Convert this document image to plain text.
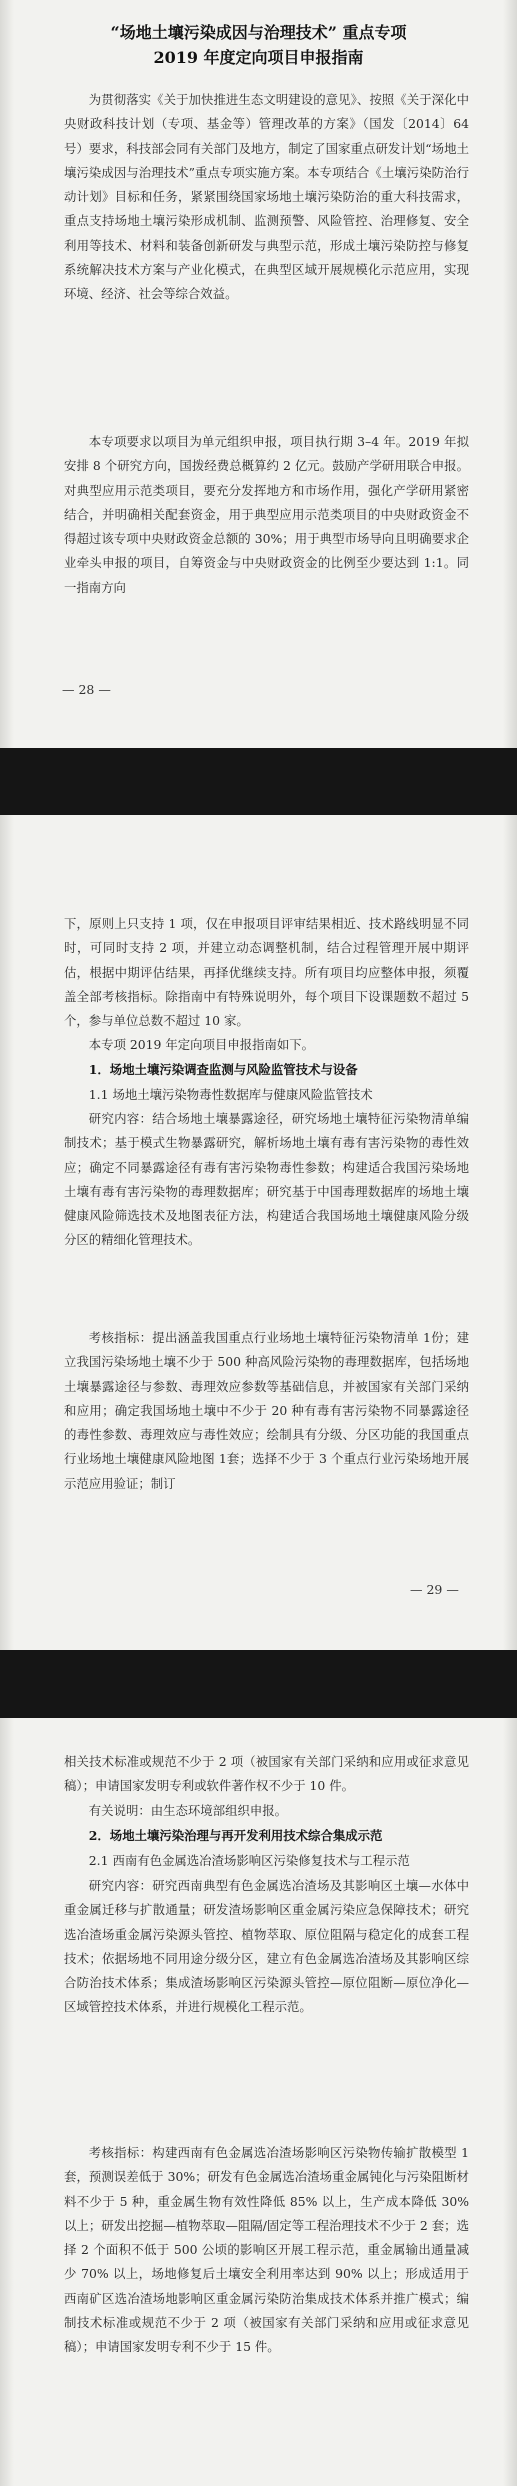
“场地土壤污染成因与治理技术” 重点专项
2019 年度定向项目申报指南
为贯彻落实《关于加快推进生态文明建设的意见》、按照《关于深化中央财政科技计划（专项、基金等）管理改革的方案》（国发〔2014〕64号）要求，科技部会同有关部门及地方，制定了国家重点研发计划“场地土壤污染成因与治理技术”重点专项实施方案。本专项结合《土壤污染防治行动计划》目标和任务，紧紧围绕国家场地土壤污染防治的重大科技需求，重点支持场地土壤污染形成机制、监测预警、风险管控、治理修复、安全利用等技术、材料和装备创新研发与典型示范，形成土壤污染防控与修复系统解决技术方案与产业化模式，在典型区域开展规模化示范应用，实现环境、经济、社会等综合效益。
本专项要求以项目为单元组织申报，项目执行期 3–4 年。2019 年拟安排 8 个研究方向，国拨经费总概算约 2 亿元。鼓励产学研用联合申报。对典型应用示范类项目，要充分发挥地方和市场作用，强化产学研用紧密结合，并明确相关配套资金，用于典型应用示范类项目的中央财政资金不得超过该专项中央财政资金总额的 30%；用于典型市场导向且明确要求企业牵头申报的项目，自筹资金与中央财政资金的比例至少要达到 1:1。同一指南方向
— 28 —
下，原则上只支持 1 项，仅在申报项目评审结果相近、技术路线明显不同时，可同时支持 2 项，并建立动态调整机制，结合过程管理开展中期评估，根据中期评估结果，再择优继续支持。所有项目均应整体申报，须覆盖全部考核指标。除指南中有特殊说明外，每个项目下设课题数不超过 5 个，参与单位总数不超过 10 家。
本专项 2019 年定向项目申报指南如下。
1．场地土壤污染调查监测与风险监管技术与设备
1.1 场地土壤污染物毒性数据库与健康风险监管技术
研究内容：结合场地土壤暴露途径，研究场地土壤特征污染物清单编制技术；基于模式生物暴露研究，解析场地土壤有毒有害污染物的毒性效应；确定不同暴露途径有毒有害污染物毒性参数；构建适合我国污染场地土壤有毒有害污染物的毒理数据库；研究基于中国毒理数据库的场地土壤健康风险筛选技术及地图表征方法，构建适合我国场地土壤健康风险分级分区的精细化管理技术。
考核指标：提出涵盖我国重点行业场地土壤特征污染物清单 1份；建立我国污染场地土壤不少于 500 种高风险污染物的毒理数据库，包括场地土壤暴露途径与参数、毒理效应参数等基础信息，并被国家有关部门采纳和应用；确定我国场地土壤中不少于 20 种有毒有害污染物不同暴露途径的毒性参数、毒理效应与毒性效应；绘制具有分级、分区功能的我国重点行业场地土壤健康风险地图 1套；选择不少于 3 个重点行业污染场地开展示范应用验证；制订
— 29 —
相关技术标准或规范不少于 2 项（被国家有关部门采纳和应用或征求意见稿）；申请国家发明专利或软件著作权不少于 10 件。
有关说明：由生态环境部组织申报。
2．场地土壤污染治理与再开发利用技术综合集成示范
2.1 西南有色金属选冶渣场影响区污染修复技术与工程示范
研究内容：研究西南典型有色金属选冶渣场及其影响区土壤—水体中重金属迁移与扩散通量；研发渣场影响区重金属污染应急保障技术；研究选冶渣场重金属污染源头管控、植物萃取、原位阻隔与稳定化的成套工程技术；依据场地不同用途分级分区，建立有色金属选冶渣场及其影响区综合防治技术体系；集成渣场影响区污染源头管控—原位阻断—原位净化—区域管控技术体系，并进行规模化工程示范。
考核指标：构建西南有色金属选冶渣场影响区污染物传输扩散模型 1 套，预测误差低于 30%；研发有色金属选冶渣场重金属钝化与污染阻断材料不少于 5 种，重金属生物有效性降低 85% 以上，生产成本降低 30% 以上；研发出挖掘—植物萃取—阻隔/固定等工程治理技术不少于 2 套；选择 2 个面积不低于 500 公顷的影响区开展工程示范，重金属输出通量减少 70% 以上，场地修复后土壤安全利用率达到 90% 以上；形成适用于西南矿区选冶渣场地影响区重金属污染防治集成技术体系并推广模式；编制技术标准或规范不少于 2 项（被国家有关部门采纳和应用或征求意见稿）；申请国家发明专利不少于 15 件。
